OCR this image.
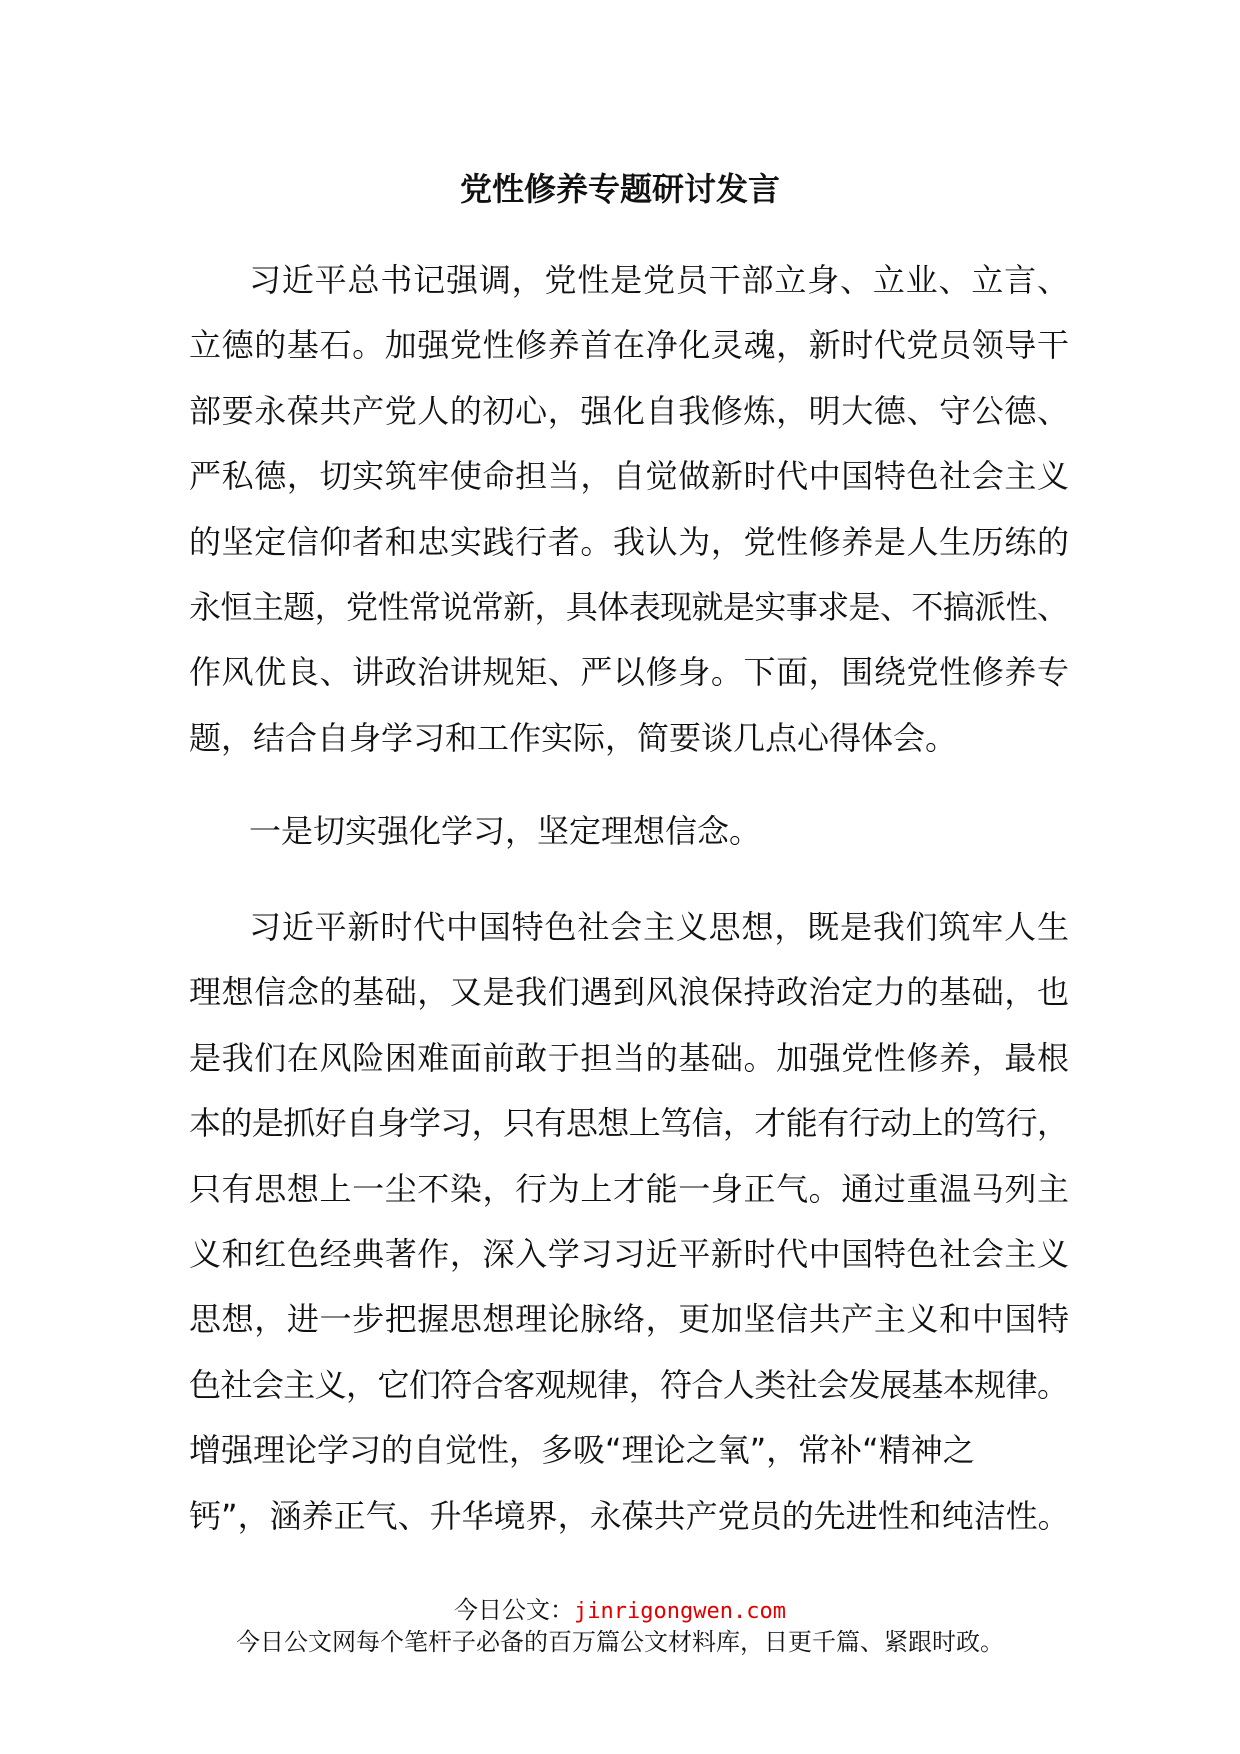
党性修养专题研讨发言
习近平总书记强调，党性是党员干部立身、立业、立言、
立德的基石。加强党性修养首在净化灵魂，新时代党员领导干
部要永葆共产党人的初心，强化自我修炼，明大德、守公德、
严私德，切实筑牢使命担当，自觉做新时代中国特色社会主义
的坚定信仰者和忠实践行者。我认为，党性修养是人生历练的
永恒主题，党性常说常新，具体表现就是实事求是、不搞派性、
作风优良、讲政治讲规矩、严以修身。下面，围绕党性修养专
题，结合自身学习和工作实际，简要谈几点心得体会。
一是切实强化学习，坚定理想信念。
习近平新时代中国特色社会主义思想，既是我们筑牢人生
理想信念的基础，又是我们遇到风浪保持政治定力的基础，也
是我们在风险困难面前敢于担当的基础。加强党性修养，最根
本的是抓好自身学习，只有思想上笃信，才能有行动上的笃行，
只有思想上一尘不染，行为上才能一身正气。通过重温马列主
义和红色经典著作，深入学习习近平新时代中国特色社会主义
思想，进一步把握思想理论脉络，更加坚信共产主义和中国特
色社会主义，它们符合客观规律，符合人类社会发展基本规律。
增强理论学习的自觉性，多吸“理论之氧”，常补“精神之
钙”，涵养正气、升华境界，永葆共产党员的先进性和纯洁性。
今日公文：jinrigongwen.com
今日公文网每个笔杆子必备的百万篇公文材料库，日更千篇、紧跟时政。
